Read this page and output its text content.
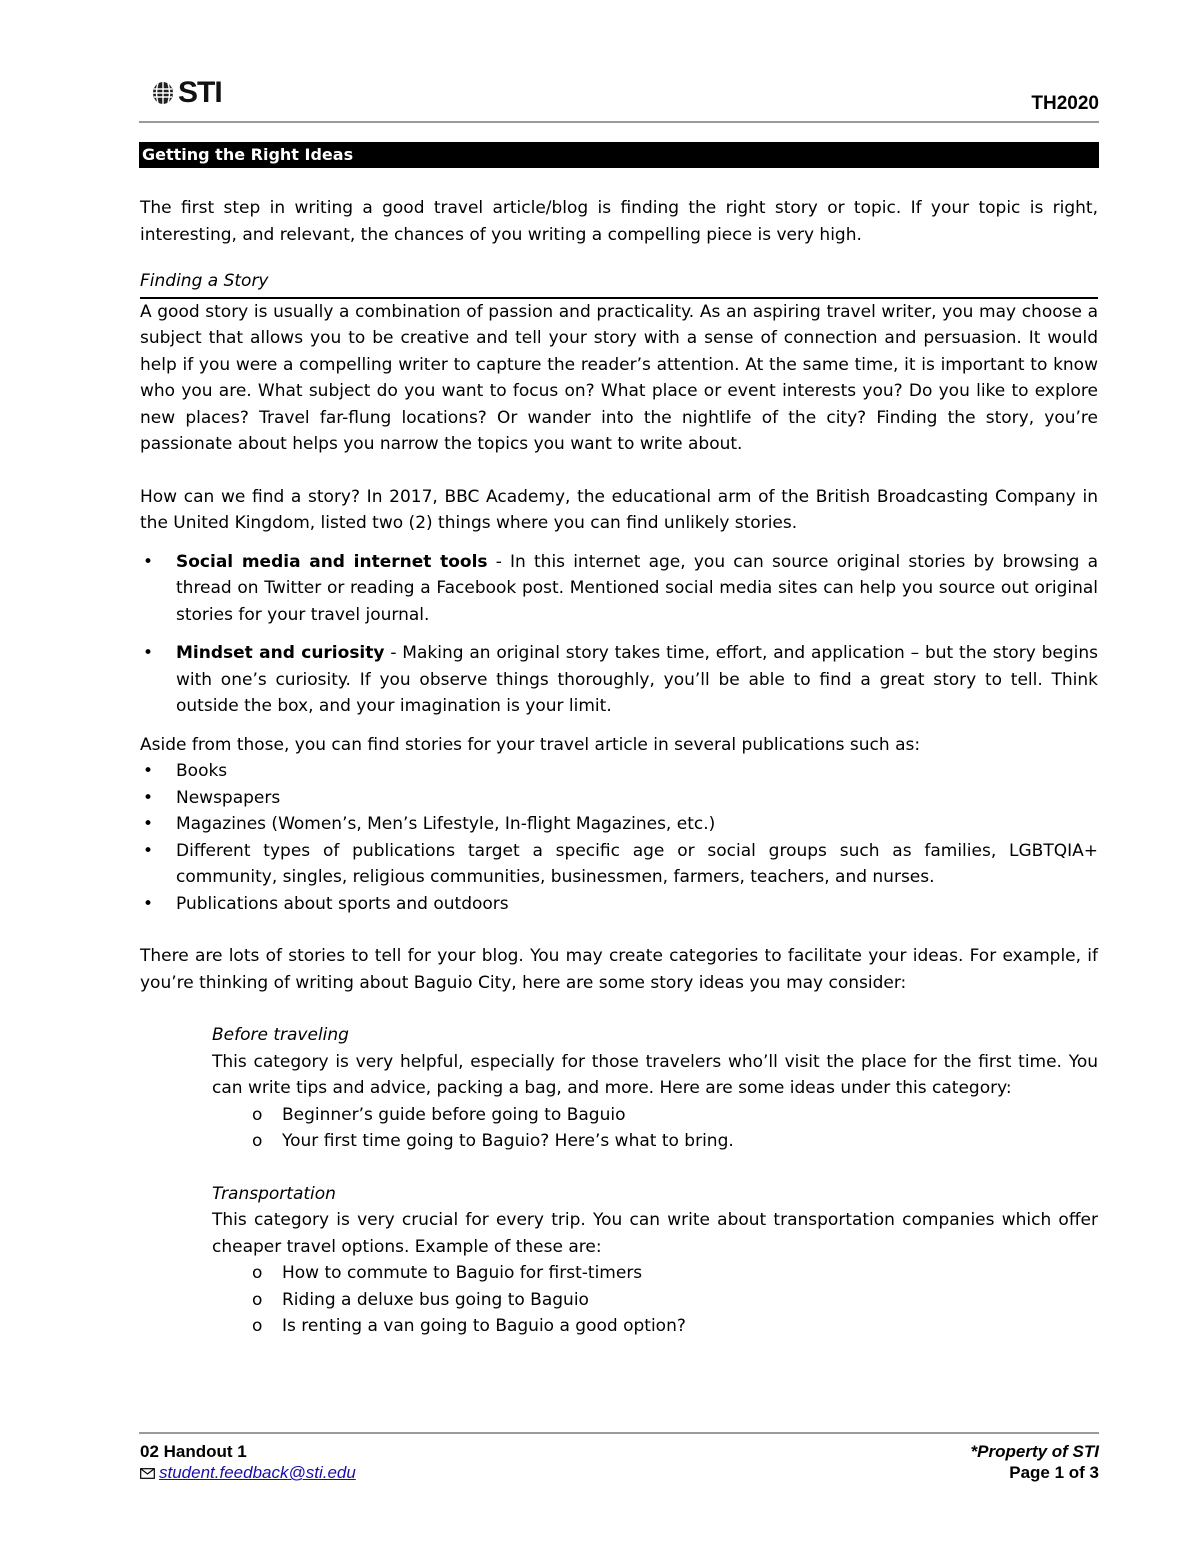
STI	TH2020
Getting the Right Ideas

The first step in writing a good travel article/blog is finding the right story or topic. If your topic is right, interesting, and relevant, the chances of you writing a compelling piece is very high.

Finding a Story

A good story is usually a combination of passion and practicality. As an aspiring travel writer, you may choose a subject that allows you to be creative and tell your story with a sense of connection and persuasion. It would help if you were a compelling writer to capture the reader’s attention. At the same time, it is important to know who you are. What subject do you want to focus on? What place or event interests you? Do you like to explore new places? Travel far-flung locations? Or wander into the nightlife of the city? Finding the story, you’re passionate about helps you narrow the topics you want to write about.

How can we find a story? In 2017, BBC Academy, the educational arm of the British Broadcasting Company in the United Kingdom, listed two (2) things where you can find unlikely stories.

• Social media and internet tools - In this internet age, you can source original stories by browsing a thread on Twitter or reading a Facebook post. Mentioned social media sites can help you source out original stories for your travel journal.
• Mindset and curiosity - Making an original story takes time, effort, and application – but the story begins with one’s curiosity. If you observe things thoroughly, you’ll be able to find a great story to tell. Think outside the box, and your imagination is your limit.

Aside from those, you can find stories for your travel article in several publications such as:

• Books
• Newspapers
• Magazines (Women’s, Men’s Lifestyle, In-flight Magazines, etc.)
• Different types of publications target a specific age or social groups such as families, LGBTQIA+ community, singles, religious communities, businessmen, farmers, teachers, and nurses.
• Publications about sports and outdoors

There are lots of stories to tell for your blog. You may create categories to facilitate your ideas. For example, if you’re thinking of writing about Baguio City, here are some story ideas you may consider:

Before traveling

This category is very helpful, especially for those travelers who’ll visit the place for the first time. You can write tips and advice, packing a bag, and more. Here are some ideas under this category:

o Beginner’s guide before going to Baguio
o Your first time going to Baguio? Here’s what to bring.
Transportation

This category is very crucial for every trip. You can write about transportation companies which offer cheaper travel options. Example of these are:

o How to commute to Baguio for first-timers
o Riding a deluxe bus going to Baguio
o Is renting a van going to Baguio a good option?
02 Handout 1
student.feedback@sti.edu
*Property of STI
Page 1 of 3
